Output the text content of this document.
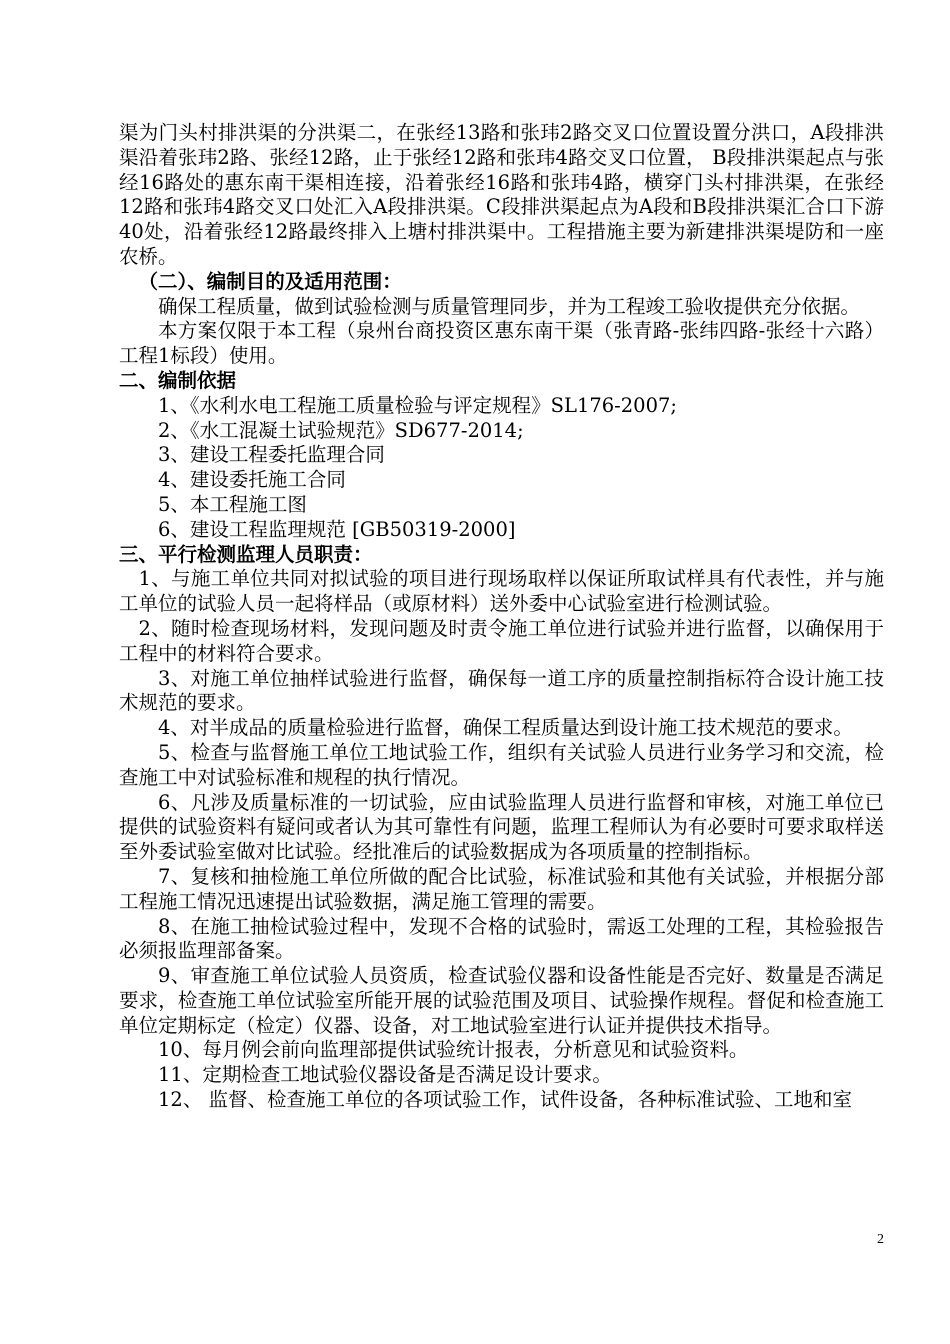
渠为门头村排洪渠的分洪渠二，在张经13路和张玮2路交叉口位置设置分洪口，A段排洪渠沿着张玮2路、张经12路，止于张经12路和张玮4路交叉口位置， B段排洪渠起点与张经16路处的惠东南干渠相连接，沿着张经16路和张玮4路，横穿门头村排洪渠，在张经12路和张玮4路交叉口处汇入A段排洪渠。C段排洪渠起点为A段和B段排洪渠汇合口下游40处，沿着张经12路最终排入上塘村排洪渠中。工程措施主要为新建排洪渠堤防和一座农桥。

（二）、编制目的及适用范围：

确保工程质量，做到试验检测与质量管理同步，并为工程竣工验收提供充分依据。

本方案仅限于本工程（泉州台商投资区惠东南干渠（张青路-张纬四路-张经十六路）工程1标段）使用。

二、编制依据

1、《水利水电工程施工质量检验与评定规程》SL176-2007;

2、《水工混凝土试验规范》SD677-2014;

3、建设工程委托监理合同

4、建设委托施工合同

5、本工程施工图

6、建设工程监理规范 [GB50319-2000]

三、平行检测监理人员职责：

1、与施工单位共同对拟试验的项目进行现场取样以保证所取试样具有代表性，并与施工单位的试验人员一起将样品（或原材料）送外委中心试验室进行检测试验。

2、随时检查现场材料，发现问题及时责令施工单位进行试验并进行监督，以确保用于工程中的材料符合要求。

3、对施工单位抽样试验进行监督，确保每一道工序的质量控制指标符合设计施工技术规范的要求。

4、对半成品的质量检验进行监督，确保工程质量达到设计施工技术规范的要求。

5、检查与监督施工单位工地试验工作，组织有关试验人员进行业务学习和交流，检查施工中对试验标准和规程的执行情况。

6、凡涉及质量标准的一切试验，应由试验监理人员进行监督和审核，对施工单位已提供的试验资料有疑问或者认为其可靠性有问题，监理工程师认为有必要时可要求取样送至外委试验室做对比试验。经批准后的试验数据成为各项质量的控制指标。

7、复核和抽检施工单位所做的配合比试验，标准试验和其他有关试验，并根据分部工程施工情况迅速提出试验数据，满足施工管理的需要。

8、在施工抽检试验过程中，发现不合格的试验时，需返工处理的工程，其检验报告必须报监理部备案。

9、审查施工单位试验人员资质，检查试验仪器和设备性能是否完好、数量是否满足要求，检查施工单位试验室所能开展的试验范围及项目、试验操作规程。督促和检查施工单位定期标定（检定）仪器、设备，对工地试验室进行认证并提供技术指导。

10、每月例会前向监理部提供试验统计报表，分析意见和试验资料。

11、定期检查工地试验仪器设备是否满足设计要求。

12、 监督、检查施工单位的各项试验工作，试件设备，各种标准试验、工地和室

2
